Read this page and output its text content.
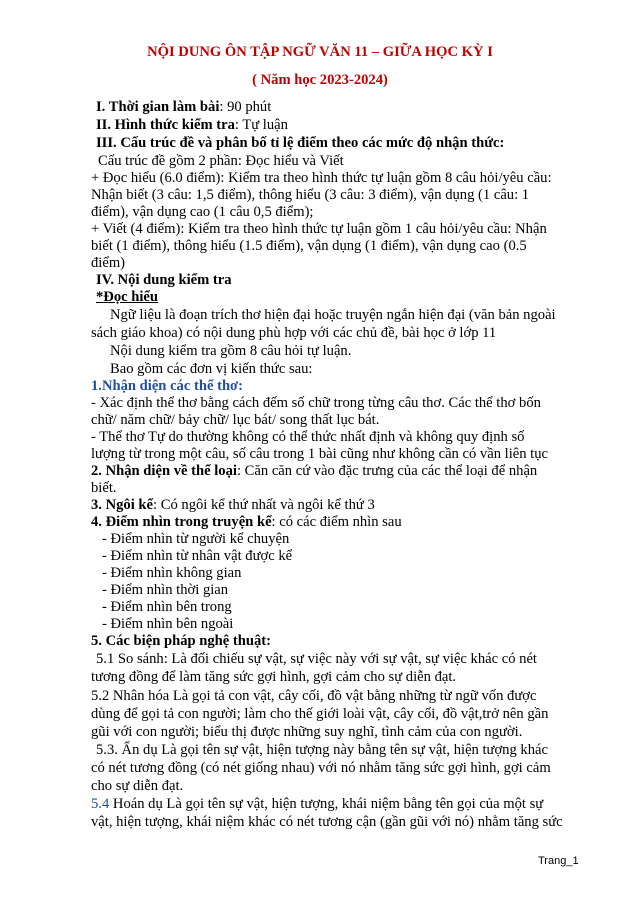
NỘI DUNG ÔN TẬP NGỮ VĂN 11 – GIỮA HỌC KỲ I
( Năm học 2023-2024)
I. Thời gian làm bài: 90 phút
II. Hình thức kiểm tra: Tự luận
III. Cấu trúc đề và phân bố tỉ lệ điểm theo các mức độ nhận thức:
Cấu trúc đề gồm 2 phần: Đọc hiểu và Viết
+ Đọc hiểu (6.0 điểm): Kiểm tra theo hình thức tự luận gồm 8 câu hỏi/yêu cầu:
Nhận biết (3 câu: 1,5 điểm), thông hiểu (3 câu: 3 điểm), vận dụng (1 câu: 1
điểm), vận dụng cao (1 câu 0,5 điểm);
+ Viết (4 điểm): Kiểm tra theo hình thức tự luận gồm 1 câu hỏi/yêu cầu: Nhận
biết (1 điểm), thông hiểu (1.5 điểm), vận dụng (1 điểm), vận dụng cao (0.5
điểm)
IV. Nội dung kiểm tra
*Đọc hiểu
Ngữ liệu là đoạn trích thơ hiện đại hoặc truyện ngắn hiện đại (văn bản ngoài
sách giáo khoa) có nội dung phù hợp với các chủ đề, bài học ở lớp 11
Nội dung kiểm tra gồm 8 câu hỏi tự luận.
Bao gồm các đơn vị kiến thức sau:
1.Nhận diện các thể thơ:
- Xác định thể thơ bằng cách đếm số chữ trong từng câu thơ. Các thể thơ bốn
chữ/ năm chữ/ bảy chữ/ lục bát/ song thất lục bát.
- Thể thơ Tự do thường không có thể thức nhất định và không quy định số
lượng từ trong một câu, số câu trong 1 bài cũng như không cần có vần liên tục
2. Nhận diện về thể loại: Căn căn cứ vào đặc trưng của các thể loại để nhận
biết.
3. Ngôi kể: Có ngôi kể thứ nhất và ngôi kể thứ 3
4. Điểm nhìn trong truyện kể: có các điểm nhìn sau
- Điểm nhìn từ người kể chuyện
- Điểm nhìn từ nhân vật được kể
- Điểm nhìn không gian
- Điểm nhìn thời gian
- Điểm nhìn bên trong
- Điểm nhìn bên ngoài
5. Các biện pháp nghệ thuật:
5.1 So sánh: Là đối chiếu sự vật, sự việc này với sự vật, sự việc khác có nét
tương đồng để làm tăng sức gợi hình, gợi cảm cho sự diễn đạt.
5.2 Nhân hóa Là gọi tả con vật, cây cối, đồ vật bằng những từ ngữ vốn được
dùng để gọi tả con người; làm cho thế giới loài vật, cây cối, đồ vật,trở nên gần
gũi với con người; biểu thị được những suy nghĩ, tình cảm của con người.
5.3. Ẩn dụ Là gọi tên sự vật, hiện tượng này bằng tên sự vật, hiện tượng khác
có nét tương đồng (có nét giống nhau) với nó nhằm tăng sức gợi hình, gợi cảm
cho sự diễn đạt.
5.4 Hoán dụ Là gọi tên sự vật, hiện tượng, khái niệm bằng tên gọi của một sự
vật, hiện tượng, khái niệm khác có nét tương cận (gần gũi với nó) nhằm tăng sức
Trang_1
